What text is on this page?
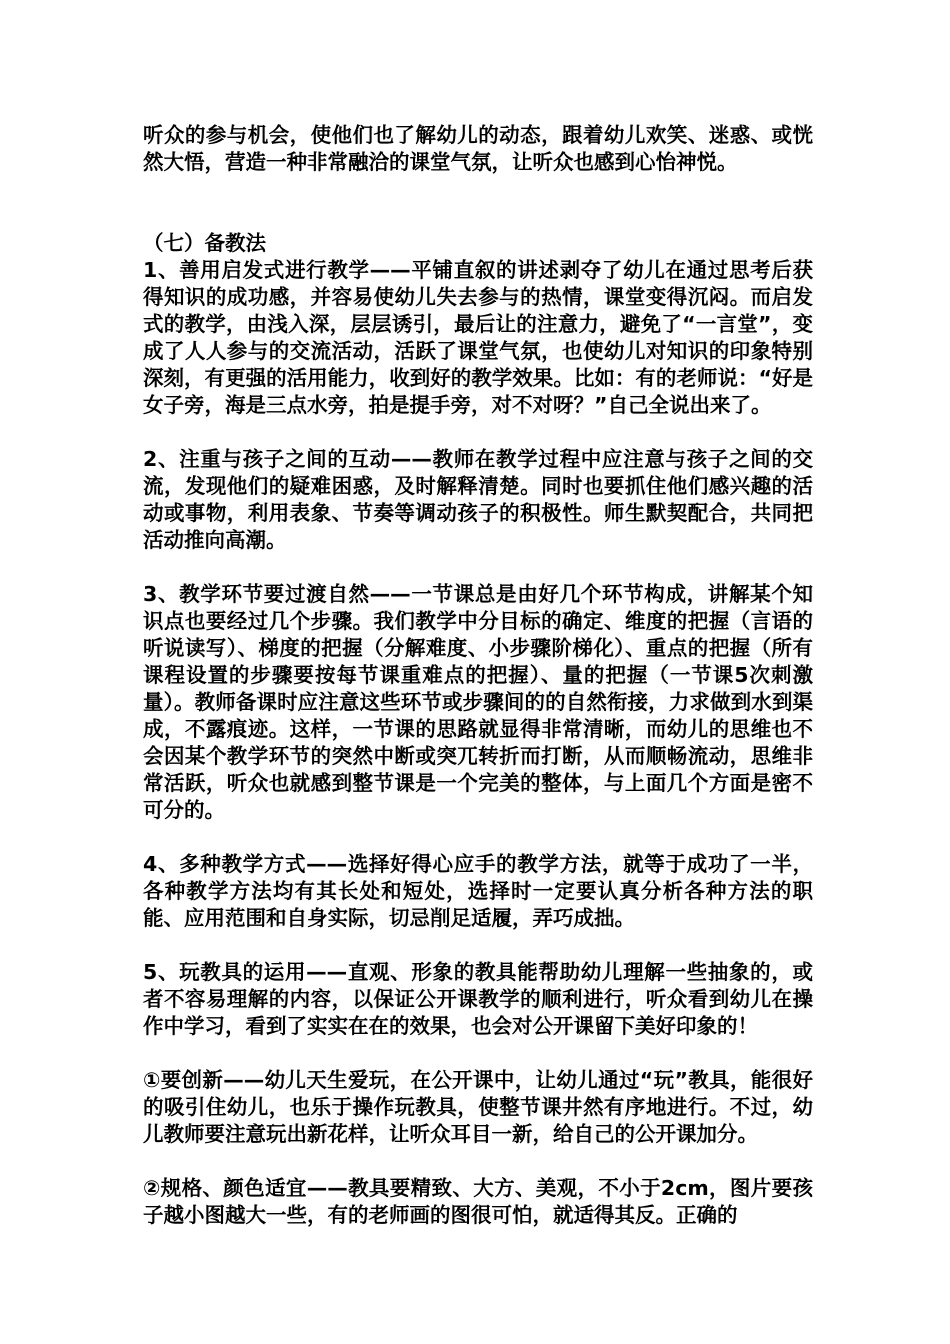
听众的参与机会，使他们也了解幼儿的动态，跟着幼儿欢笑、迷惑、或恍然大悟，营造一种非常融洽的课堂气氛，让听众也感到心怡神悦。

（七）备教法

1、善用启发式进行教学——平铺直叙的讲述剥夺了幼儿在通过思考后获得知识的成功感，并容易使幼儿失去参与的热情，课堂变得沉闷。而启发式的教学，由浅入深，层层诱引，最后让的注意力，避免了“一言堂”，变成了人人参与的交流活动，活跃了课堂气氛，也使幼儿对知识的印象特别深刻，有更强的活用能力，收到好的教学效果。比如：有的老师说：“好是女子旁，海是三点水旁，拍是提手旁，对不对呀？”自己全说出来了。

2、注重与孩子之间的互动——教师在教学过程中应注意与孩子之间的交流，发现他们的疑难困惑，及时解释清楚。同时也要抓住他们感兴趣的活动或事物，利用表象、节奏等调动孩子的积极性。师生默契配合，共同把活动推向高潮。

3、教学环节要过渡自然——一节课总是由好几个环节构成，讲解某个知识点也要经过几个步骤。我们教学中分目标的确定、维度的把握（言语的听说读写）、梯度的把握（分解难度、小步骤阶梯化）、重点的把握（所有课程设置的步骤要按每节课重难点的把握）、量的把握（一节课5次刺激量）。教师备课时应注意这些环节或步骤间的的自然衔接，力求做到水到渠成，不露痕迹。这样，一节课的思路就显得非常清晰，而幼儿的思维也不会因某个教学环节的突然中断或突兀转折而打断，从而顺畅流动，思维非常活跃，听众也就感到整节课是一个完美的整体，与上面几个方面是密不可分的。

4、多种教学方式——选择好得心应手的教学方法，就等于成功了一半，各种教学方法均有其长处和短处，选择时一定要认真分析各种方法的职能、应用范围和自身实际，切忌削足适履，弄巧成拙。

5、玩教具的运用——直观、形象的教具能帮助幼儿理解一些抽象的，或者不容易理解的内容，以保证公开课教学的顺利进行，听众看到幼儿在操作中学习，看到了实实在在的效果，也会对公开课留下美好印象的！

①要创新——幼儿天生爱玩，在公开课中，让幼儿通过“玩”教具，能很好的吸引住幼儿，也乐于操作玩教具，使整节课井然有序地进行。不过，幼儿教师要注意玩出新花样，让听众耳目一新，给自己的公开课加分。

②规格、颜色适宜——教具要精致、大方、美观，不小于2cm，图片要孩子越小图越大一些，有的老师画的图很可怕，就适得其反。正确的
